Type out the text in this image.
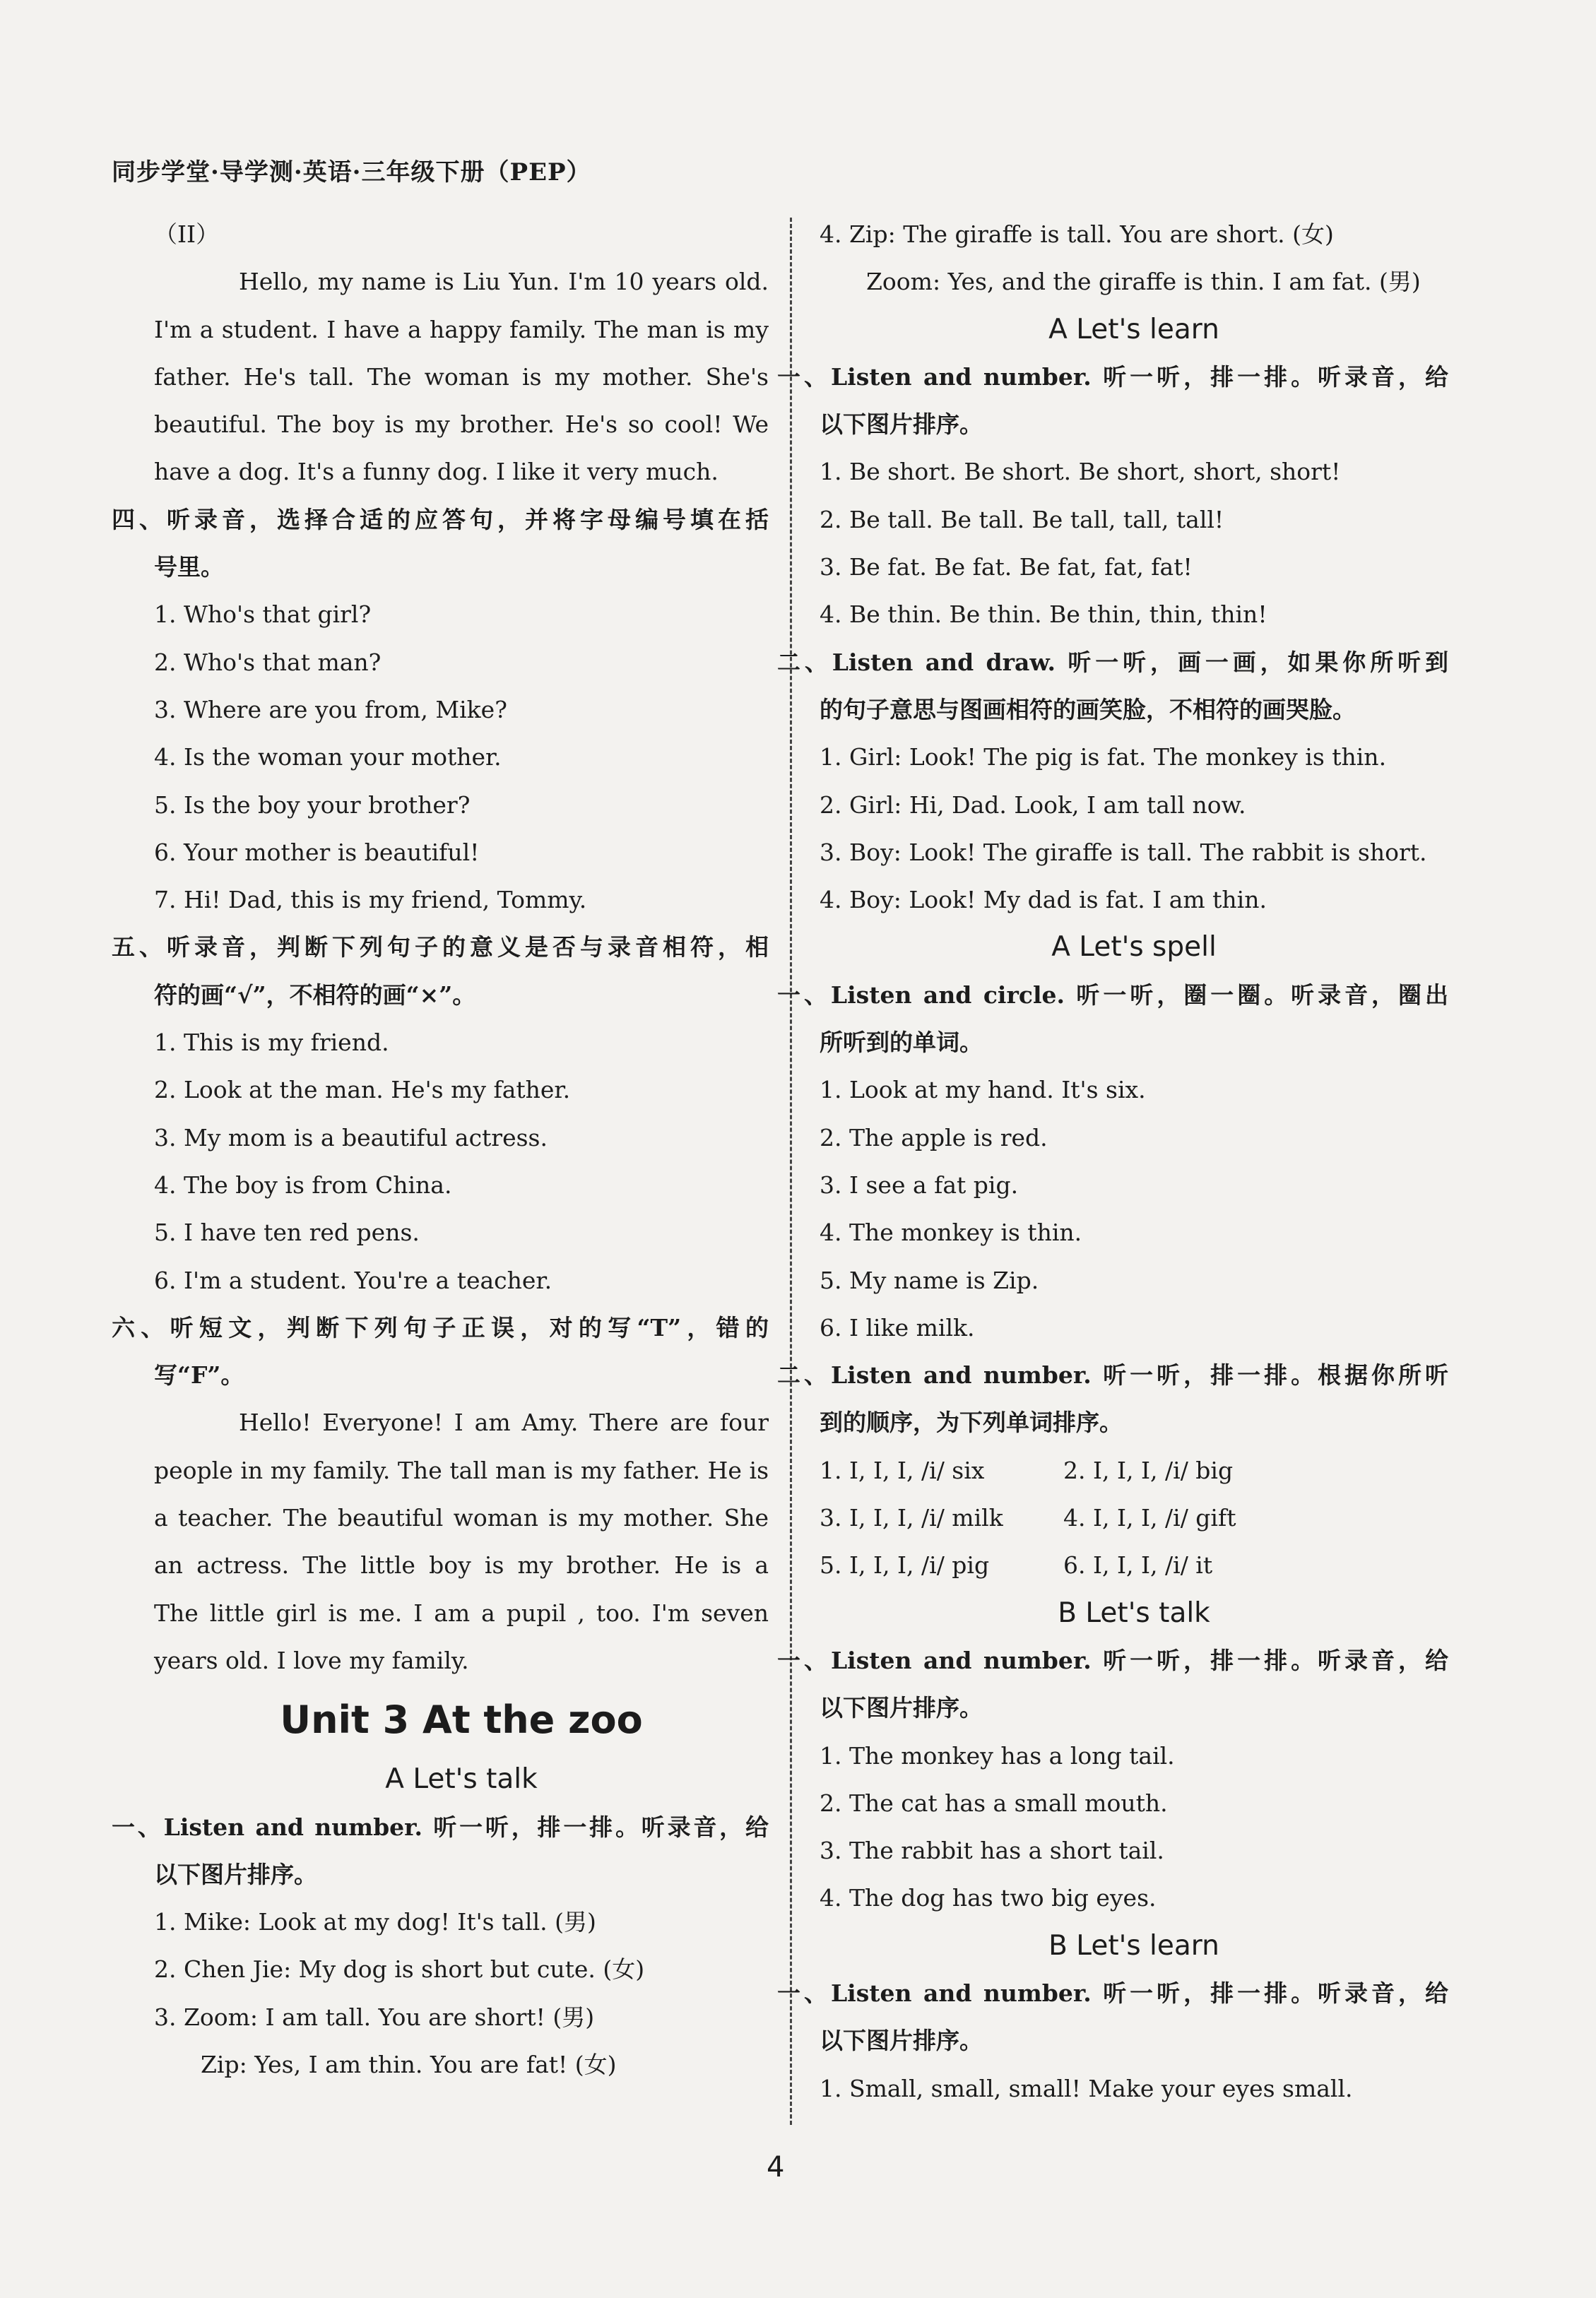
同步学堂·导学测·英语·三年级下册（PEP）
（II）
Hello, my name is Liu Yun. I'm 10 years old.
I'm a student. I have a happy family. The man is my
father. He's tall. The woman is my mother. She's
beautiful. The boy is my brother. He's so cool! We
have a dog. It's a funny dog. I like it very much.
四、听录音，选择合适的应答句，并将字母编号填在括
号里。
1. Who's that girl?
2. Who's that man?
3. Where are you from, Mike?
4. Is the woman your mother.
5. Is the boy your brother?
6. Your mother is beautiful!
7. Hi! Dad, this is my friend, Tommy.
五、听录音，判断下列句子的意义是否与录音相符，相
符的画“√”，不相符的画“×”。
1. This is my friend.
2. Look at the man. He's my father.
3. My mom is a beautiful actress.
4. The boy is from China.
5. I have ten red pens.
6. I'm a student. You're a teacher.
六、听短文，判断下列句子正误，对的写“T”，错的
写“F”。
Hello! Everyone! I am Amy. There are four
people in my family. The tall man is my father. He is
a teacher. The beautiful woman is my mother. She
an actress. The little boy is my brother. He is a
The little girl is me. I am a pupil , too. I'm seven
years old. I love my family.
Unit 3 At the zoo
A Let's talk
一、Listen and number. 听一听，排一排。听录音，给
以下图片排序。
1. Mike: Look at my dog! It's tall. (男)
2. Chen Jie: My dog is short but cute. (女)
3. Zoom: I am tall. You are short! (男)
Zip: Yes, I am thin. You are fat! (女)
4. Zip: The giraffe is tall. You are short. (女)
Zoom: Yes, and the giraffe is thin. I am fat. (男)
A Let's learn
一、Listen and number. 听一听，排一排。听录音，给
以下图片排序。
1. Be short. Be short. Be short, short, short!
2. Be tall. Be tall. Be tall, tall, tall!
3. Be fat. Be fat. Be fat, fat, fat!
4. Be thin. Be thin. Be thin, thin, thin!
二、Listen and draw. 听一听，画一画，如果你所听到
的句子意思与图画相符的画笑脸，不相符的画哭脸。
1. Girl: Look! The pig is fat. The monkey is thin.
2. Girl: Hi, Dad. Look, I am tall now.
3. Boy: Look! The giraffe is tall. The rabbit is short.
4. Boy: Look! My dad is fat. I am thin.
A Let's spell
一、Listen and circle. 听一听，圈一圈。听录音，圈出
所听到的单词。
1. Look at my hand. It's six.
2. The apple is red.
3. I see a fat pig.
4. The monkey is thin.
5. My name is Zip.
6. I like milk.
二、Listen and number. 听一听，排一排。根据你所听
到的顺序，为下列单词排序。
1. I, I, I, /i/ six	2. I, I, I, /i/ big
3. I, I, I, /i/ milk	4. I, I, I, /i/ gift
5. I, I, I, /i/ pig	6. I, I, I, /i/ it
B Let's talk
一、Listen and number. 听一听，排一排。听录音，给
以下图片排序。
1. The monkey has a long tail.
2. The cat has a small mouth.
3. The rabbit has a short tail.
4. The dog has two big eyes.
B Let's learn
一、Listen and number. 听一听，排一排。听录音，给
以下图片排序。
1. Small, small, small! Make your eyes small.
4
